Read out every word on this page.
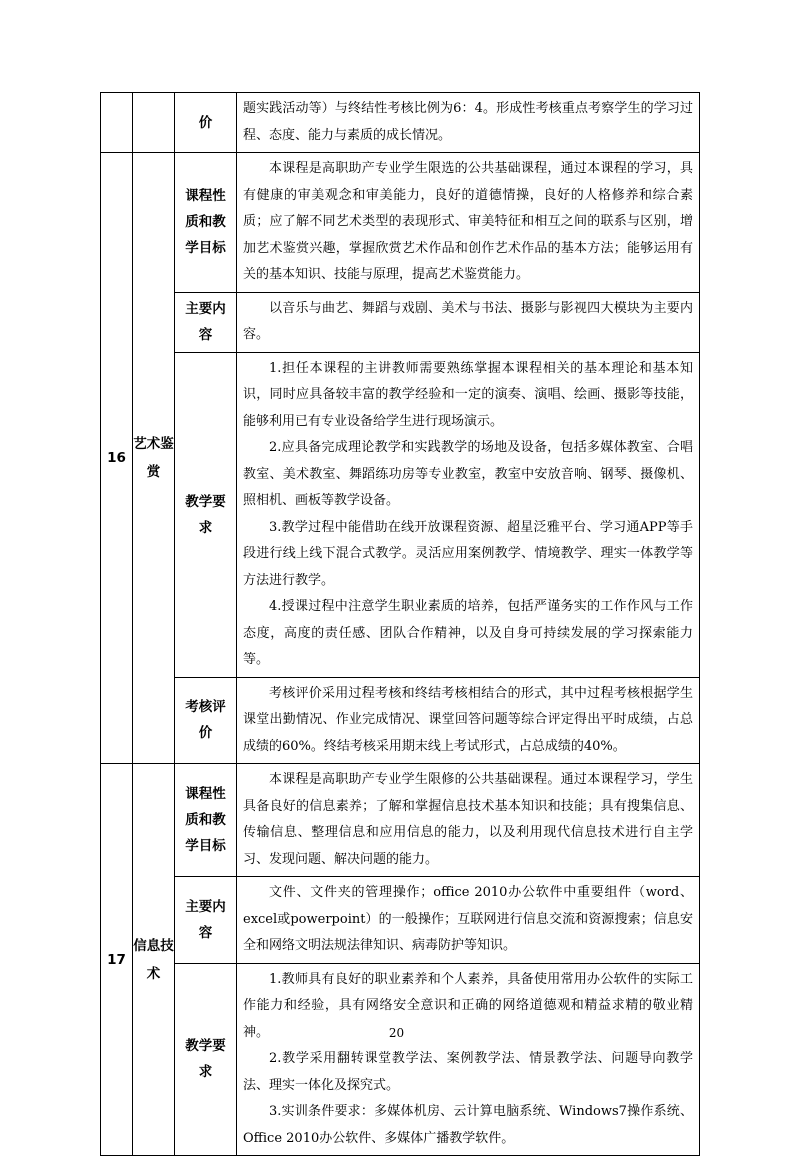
		价	题实践活动等）与终结性考核比例为6：4。形成性考核重点考察学生的学习过程、态度、能力与素质的成长情况。

16	艺术鉴赏	课程性质和教学目标	本课程是高职助产专业学生限选的公共基础课程，通过本课程的学习，具有健康的审美观念和审美能力，良好的道德情操，良好的人格修养和综合素质；应了解不同艺术类型的表现形式、审美特征和相互之间的联系与区别，增加艺术鉴赏兴趣，掌握欣赏艺术作品和创作艺术作品的基本方法；能够运用有关的基本知识、技能与原理，提高艺术鉴赏能力。

		主要内容	以音乐与曲艺、舞蹈与戏剧、美术与书法、摄影与影视四大模块为主要内容。

		教学要求	1.担任本课程的主讲教师需要熟练掌握本课程相关的基本理论和基本知识，同时应具备较丰富的教学经验和一定的演奏、演唱、绘画、摄影等技能，能够利用已有专业设备给学生进行现场演示。

2.应具备完成理论教学和实践教学的场地及设备，包括多媒体教室、合唱教室、美术教室、舞蹈练功房等专业教室，教室中安放音响、钢琴、摄像机、照相机、画板等教学设备。

3.教学过程中能借助在线开放课程资源、超星泛雅平台、学习通APP等手段进行线上线下混合式教学。灵活应用案例教学、情境教学、理实一体教学等方法进行教学。

4.授课过程中注意学生职业素质的培养，包括严谨务实的工作作风与工作态度，高度的责任感、团队合作精神，以及自身可持续发展的学习探索能力等。

		考核评价	考核评价采用过程考核和终结考核相结合的形式，其中过程考核根据学生课堂出勤情况、作业完成情况、课堂回答问题等综合评定得出平时成绩，占总成绩的60%。终结考核采用期末线上考试形式，占总成绩的40%。

17	信息技术	课程性质和教学目标	本课程是高职助产专业学生限修的公共基础课程。通过本课程学习，学生具备良好的信息素养；了解和掌握信息技术基本知识和技能；具有搜集信息、传输信息、整理信息和应用信息的能力，以及利用现代信息技术进行自主学习、发现问题、解决问题的能力。

		主要内容	文件、文件夹的管理操作；office 2010办公软件中重要组件（word、excel或powerpoint）的一般操作；互联网进行信息交流和资源搜索；信息安全和网络文明法规法律知识、病毒防护等知识。

		教学要求	1.教师具有良好的职业素养和个人素养，具备使用常用办公软件的实际工作能力和经验，具有网络安全意识和正确的网络道德观和精益求精的敬业精神。

2.教学采用翻转课堂教学法、案例教学法、情景教学法、问题导向教学法、理实一体化及探究式。

3.实训条件要求：多媒体机房、云计算电脑系统、Windows7操作系统、Office 2010办公软件、多媒体广播教学软件。

20
